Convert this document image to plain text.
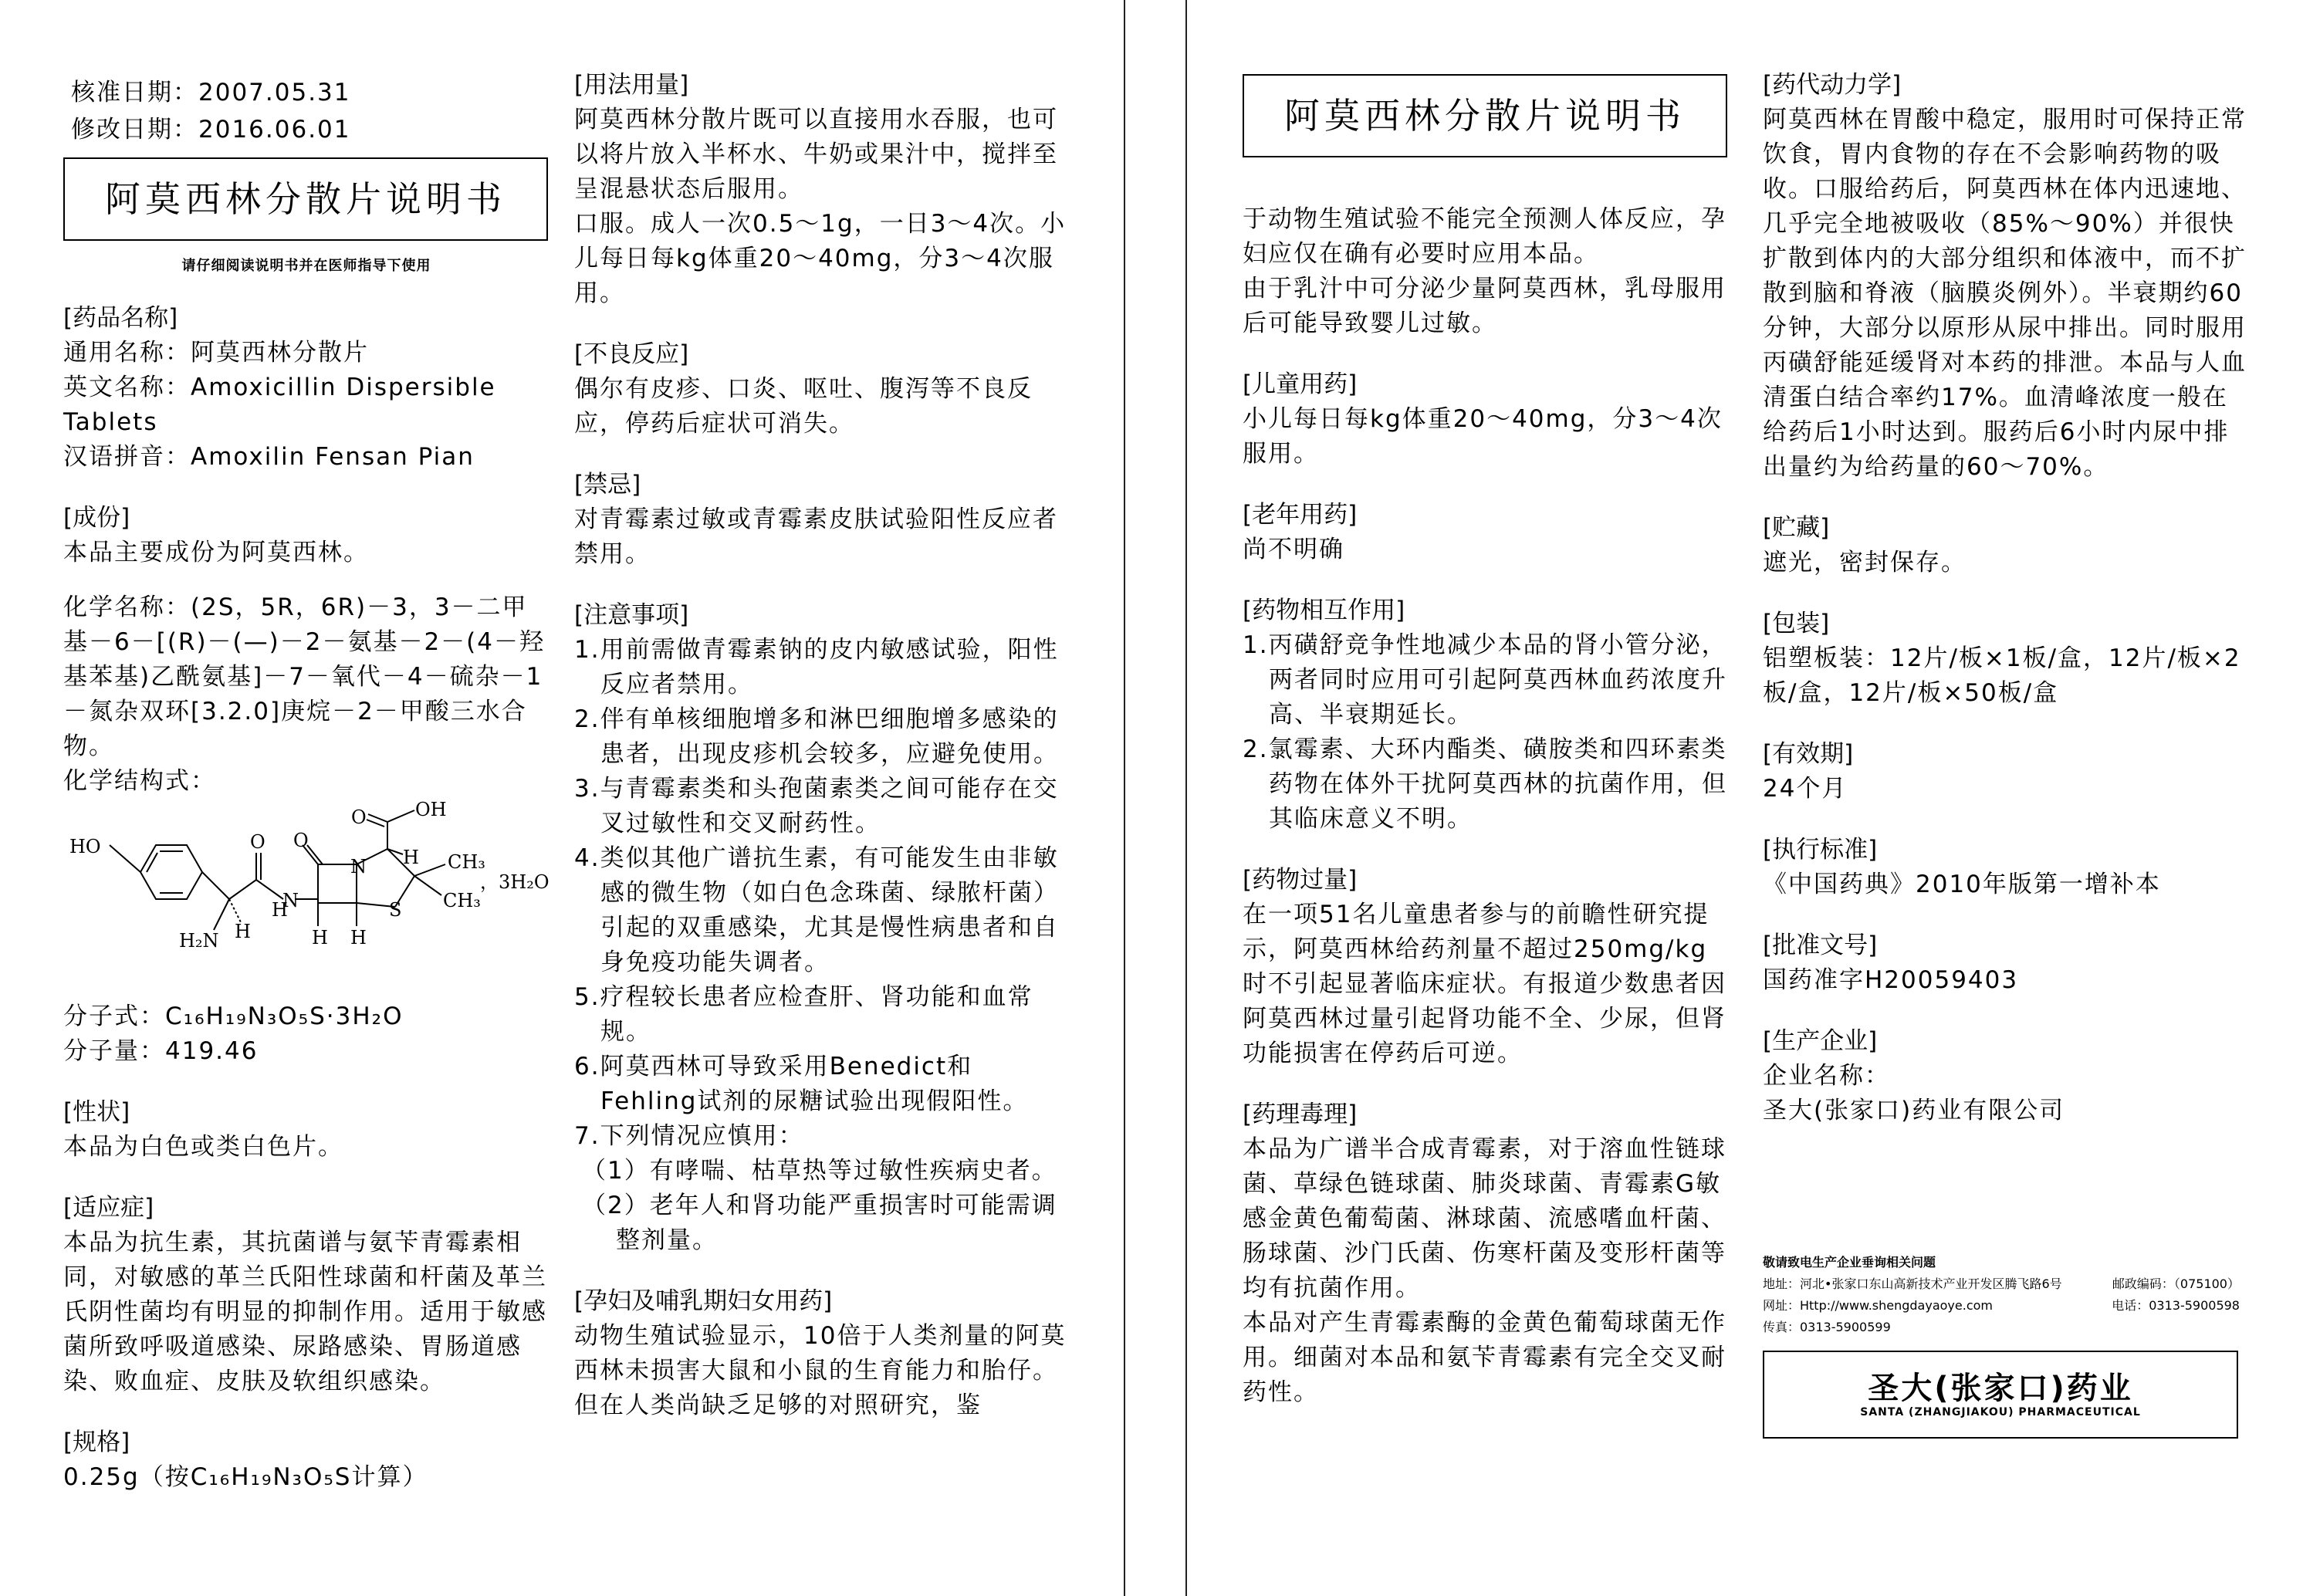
核准日期：2007.05.31
修改日期：2016.06.01
阿莫西林分散片说明书
请仔细阅读说明书并在医师指导下使用
[药品名称]
通用名称：阿莫西林分散片
英文名称：Amoxicillin Dispersible Tablets
汉语拼音：Amoxilin Fensan Pian
[成份]
本品主要成份为阿莫西林。
化学名称：(2S，5R，6R)－3，3－二甲基－6－[(R)－(—)－2－氨基－2－(4－羟基苯基)乙酰氨基]－7－氧代－4－硫杂－1－氮杂双环[3.2.0]庚烷－2－甲酸三水合物。
化学结构式：
HO
OH
O
O O
H
N	CH₃
CH₃
S
N
H
H₂N H	H H
，3H₂O
分子式：C₁₆H₁₉N₃O₅S·3H₂O
分子量：419.46
[性状]
本品为白色或类白色片。
[适应症]
本品为抗生素，其抗菌谱与氨苄青霉素相同，对敏感的革兰氏阳性球菌和杆菌及革兰氏阴性菌均有明显的抑制作用。适用于敏感菌所致呼吸道感染、尿路感染、胃肠道感染、败血症、皮肤及软组织感染。
[规格]
0.25g（按C₁₆H₁₉N₃O₅S计算）
[用法用量]
阿莫西林分散片既可以直接用水吞服，也可以将片放入半杯水、牛奶或果汁中，搅拌至呈混悬状态后服用。
口服。成人一次0.5～1g，一日3～4次。小儿每日每kg体重20～40mg，分3～4次服用。
[不良反应]
偶尔有皮疹、口炎、呕吐、腹泻等不良反应，停药后症状可消失。
[禁忌]
对青霉素过敏或青霉素皮肤试验阳性反应者禁用。
[注意事项]
1.用前需做青霉素钠的皮内敏感试验，阳性反应者禁用。
2.伴有单核细胞增多和淋巴细胞增多感染的患者，出现皮疹机会较多，应避免使用。
3.与青霉素类和头孢菌素类之间可能存在交叉过敏性和交叉耐药性。
4.类似其他广谱抗生素，有可能发生由非敏感的微生物（如白色念珠菌、绿脓杆菌）引起的双重感染，尤其是慢性病患者和自身免疫功能失调者。
5.疗程较长患者应检查肝、肾功能和血常规。
6.阿莫西林可导致采用Benedict和Fehling试剂的尿糖试验出现假阳性。
7.下列情况应慎用：
（1）有哮喘、枯草热等过敏性疾病史者。
（2）老年人和肾功能严重损害时可能需调整剂量。
[孕妇及哺乳期妇女用药]
动物生殖试验显示，10倍于人类剂量的阿莫西林未损害大鼠和小鼠的生育能力和胎仔。但在人类尚缺乏足够的对照研究，鉴
阿莫西林分散片说明书
于动物生殖试验不能完全预测人体反应，孕妇应仅在确有必要时应用本品。
由于乳汁中可分泌少量阿莫西林，乳母服用后可能导致婴儿过敏。
[儿童用药]
小儿每日每kg体重20～40mg，分3～4次服用。
[老年用药]
尚不明确
[药物相互作用]
1.丙磺舒竞争性地减少本品的肾小管分泌，两者同时应用可引起阿莫西林血药浓度升高、半衰期延长。
2.氯霉素、大环内酯类、磺胺类和四环素类药物在体外干扰阿莫西林的抗菌作用，但其临床意义不明。
[药物过量]
在一项51名儿童患者参与的前瞻性研究提示，阿莫西林给药剂量不超过250mg/kg时不引起显著临床症状。有报道少数患者因阿莫西林过量引起肾功能不全、少尿，但肾功能损害在停药后可逆。
[药理毒理]
本品为广谱半合成青霉素，对于溶血性链球菌、草绿色链球菌、肺炎球菌、青霉素G敏感金黄色葡萄菌、淋球菌、流感嗜血杆菌、肠球菌、沙门氏菌、伤寒杆菌及变形杆菌等均有抗菌作用。
本品对产生青霉素酶的金黄色葡萄球菌无作用。细菌对本品和氨苄青霉素有完全交叉耐药性。
[药代动力学]
阿莫西林在胃酸中稳定，服用时可保持正常饮食，胃内食物的存在不会影响药物的吸收。口服给药后，阿莫西林在体内迅速地、几乎完全地被吸收（85%～90%）并很快扩散到体内的大部分组织和体液中，而不扩散到脑和脊液（脑膜炎例外）。半衰期约60分钟，大部分以原形从尿中排出。同时服用丙磺舒能延缓肾对本药的排泄。本品与人血清蛋白结合率约17%。血清峰浓度一般在给药后1小时达到。服药后6小时内尿中排出量约为给药量的60～70%。
[贮藏]
遮光，密封保存。
[包装]
铝塑板装：12片/板×1板/盒，12片/板×2板/盒，12片/板×50板/盒
[有效期]
24个月
[执行标准]
《中国药典》2010年版第一增补本
[批准文号]
国药准字H20059403
[生产企业]
企业名称：
圣大(张家口)药业有限公司
敬请致电生产企业垂询相关问题
地址：河北•张家口东山高新技术产业开发区腾飞路6号	邮政编码：（075100）
网址：Http://www.shengdayaoye.com	电话：0313-5900598
传真：0313-5900599
圣大(张家口)药业
SANTA (ZHANGJIAKOU) PHARMACEUTICAL
